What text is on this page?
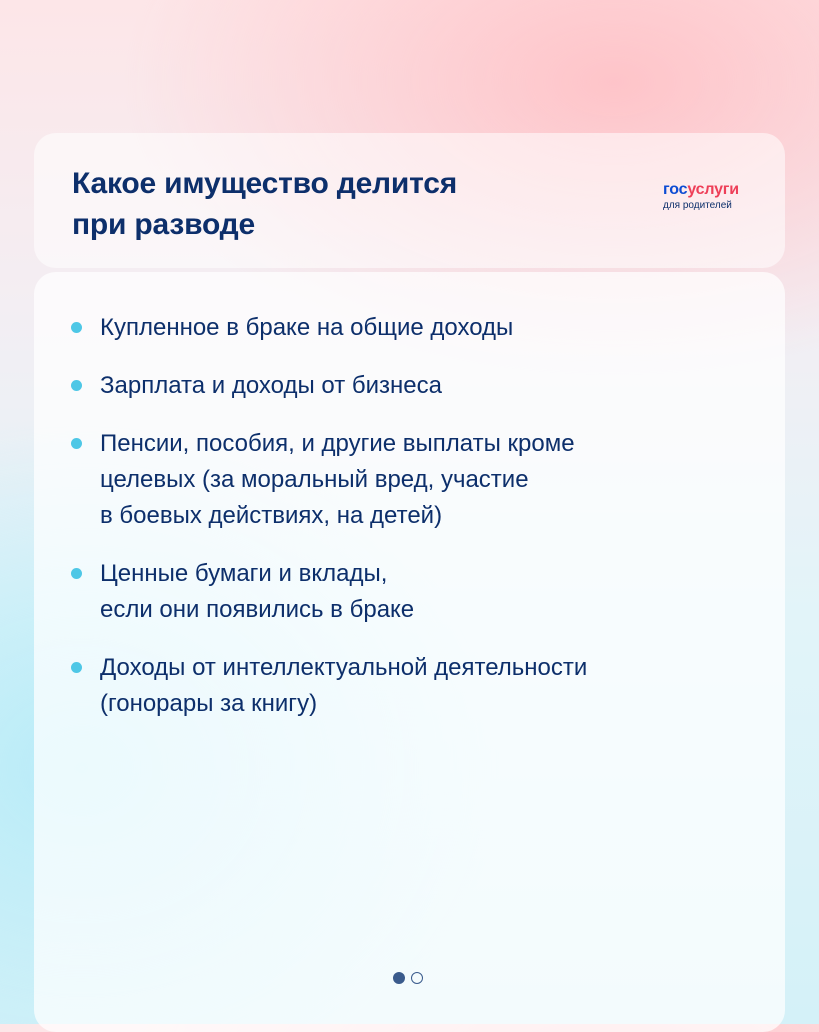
Какое имущество делится
при разводе
госуслуги
для родителей
Купленное в браке на общие доходы
Зарплата и доходы от бизнеса
Пенсии, пособия, и другие выплаты кроме
целевых (за моральный вред, участие
в боевых действиях, на детей)
Ценные бумаги и вклады,
если они появились в браке
Доходы от интеллектуальной деятельности
(гонорары за книгу)
